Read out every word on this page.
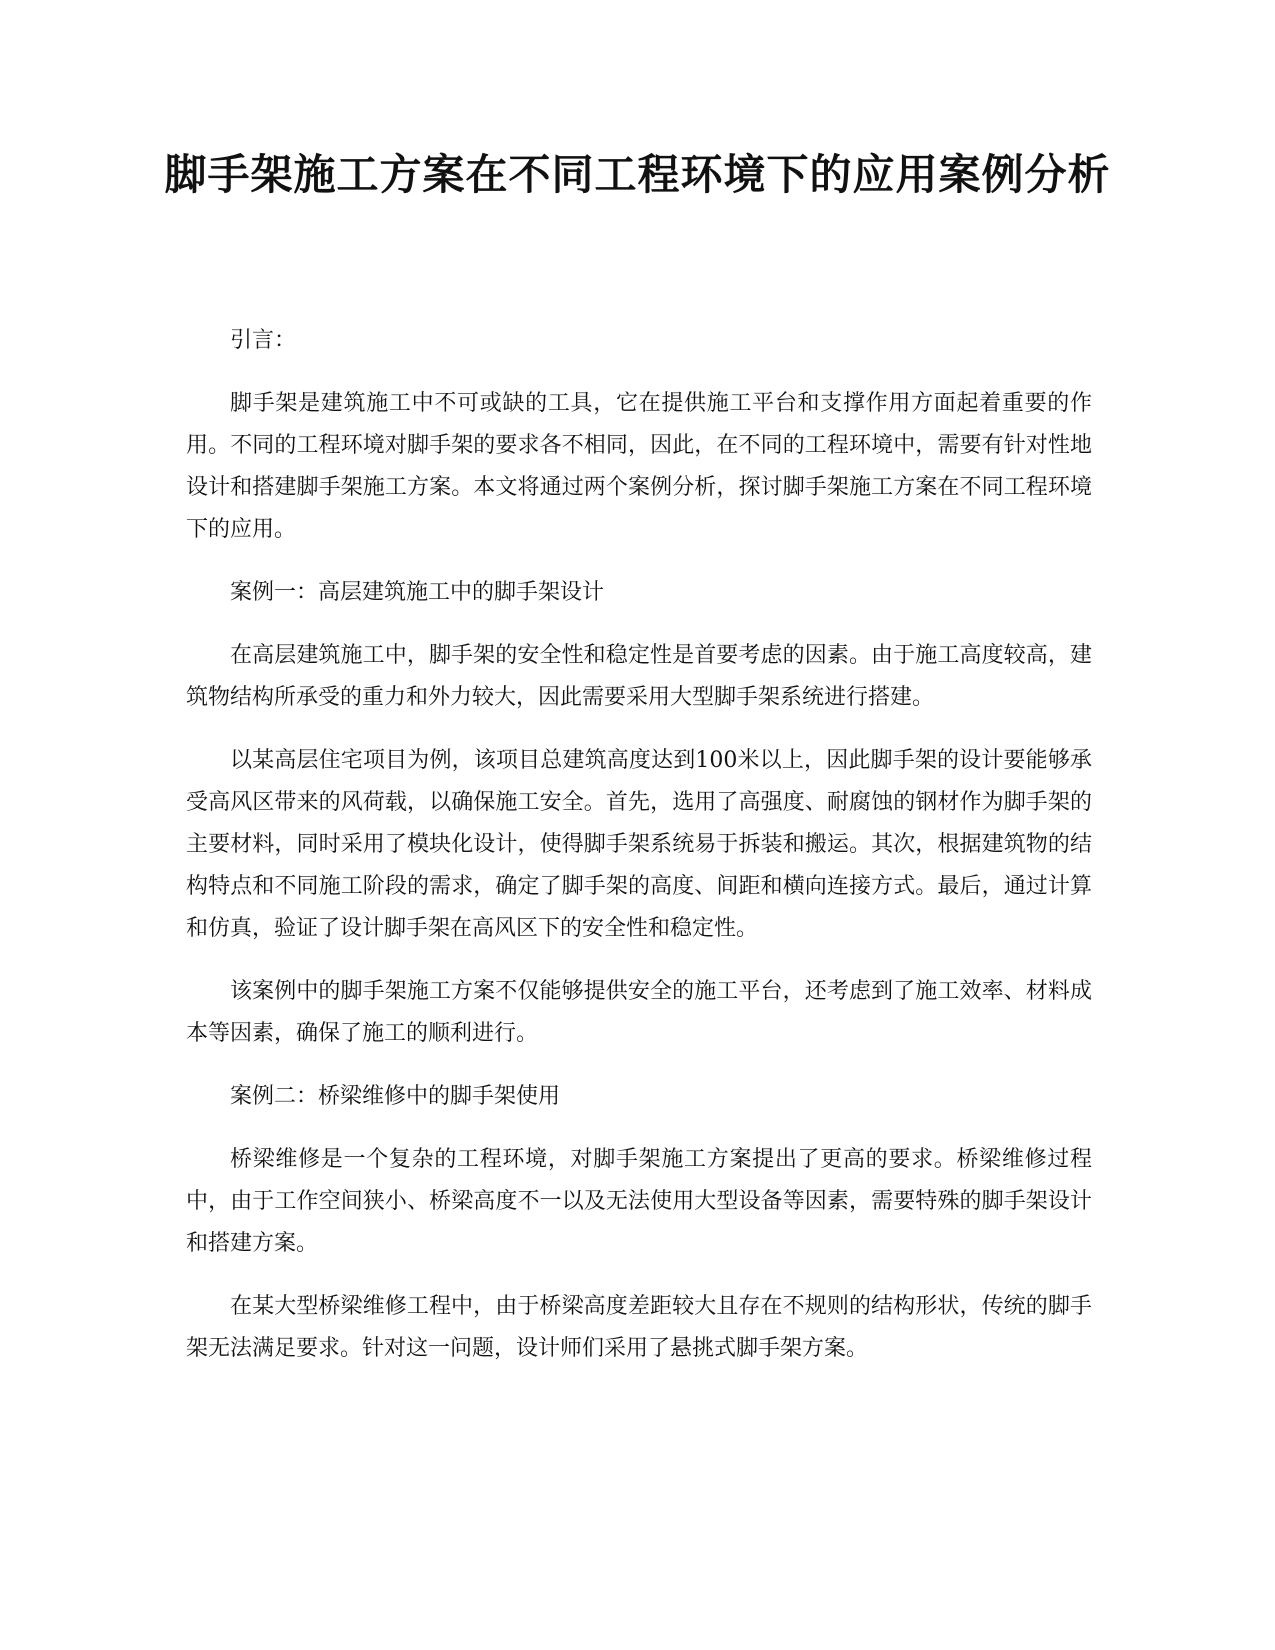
脚手架施工方案在不同工程环境下的应用案例分析

引言：

脚手架是建筑施工中不可或缺的工具，它在提供施工平台和支撑作用方面起着重要的作用。不同的工程环境对脚手架的要求各不相同，因此，在不同的工程环境中，需要有针对性地设计和搭建脚手架施工方案。本文将通过两个案例分析，探讨脚手架施工方案在不同工程环境下的应用。

案例一：高层建筑施工中的脚手架设计

在高层建筑施工中，脚手架的安全性和稳定性是首要考虑的因素。由于施工高度较高，建筑物结构所承受的重力和外力较大，因此需要采用大型脚手架系统进行搭建。

以某高层住宅项目为例，该项目总建筑高度达到100米以上，因此脚手架的设计要能够承受高风区带来的风荷载，以确保施工安全。首先，选用了高强度、耐腐蚀的钢材作为脚手架的主要材料，同时采用了模块化设计，使得脚手架系统易于拆装和搬运。其次，根据建筑物的结构特点和不同施工阶段的需求，确定了脚手架的高度、间距和横向连接方式。最后，通过计算和仿真，验证了设计脚手架在高风区下的安全性和稳定性。

该案例中的脚手架施工方案不仅能够提供安全的施工平台，还考虑到了施工效率、材料成本等因素，确保了施工的顺利进行。

案例二：桥梁维修中的脚手架使用

桥梁维修是一个复杂的工程环境，对脚手架施工方案提出了更高的要求。桥梁维修过程中，由于工作空间狭小、桥梁高度不一以及无法使用大型设备等因素，需要特殊的脚手架设计和搭建方案。

在某大型桥梁维修工程中，由于桥梁高度差距较大且存在不规则的结构形状，传统的脚手架无法满足要求。针对这一问题，设计师们采用了悬挑式脚手架方案。
